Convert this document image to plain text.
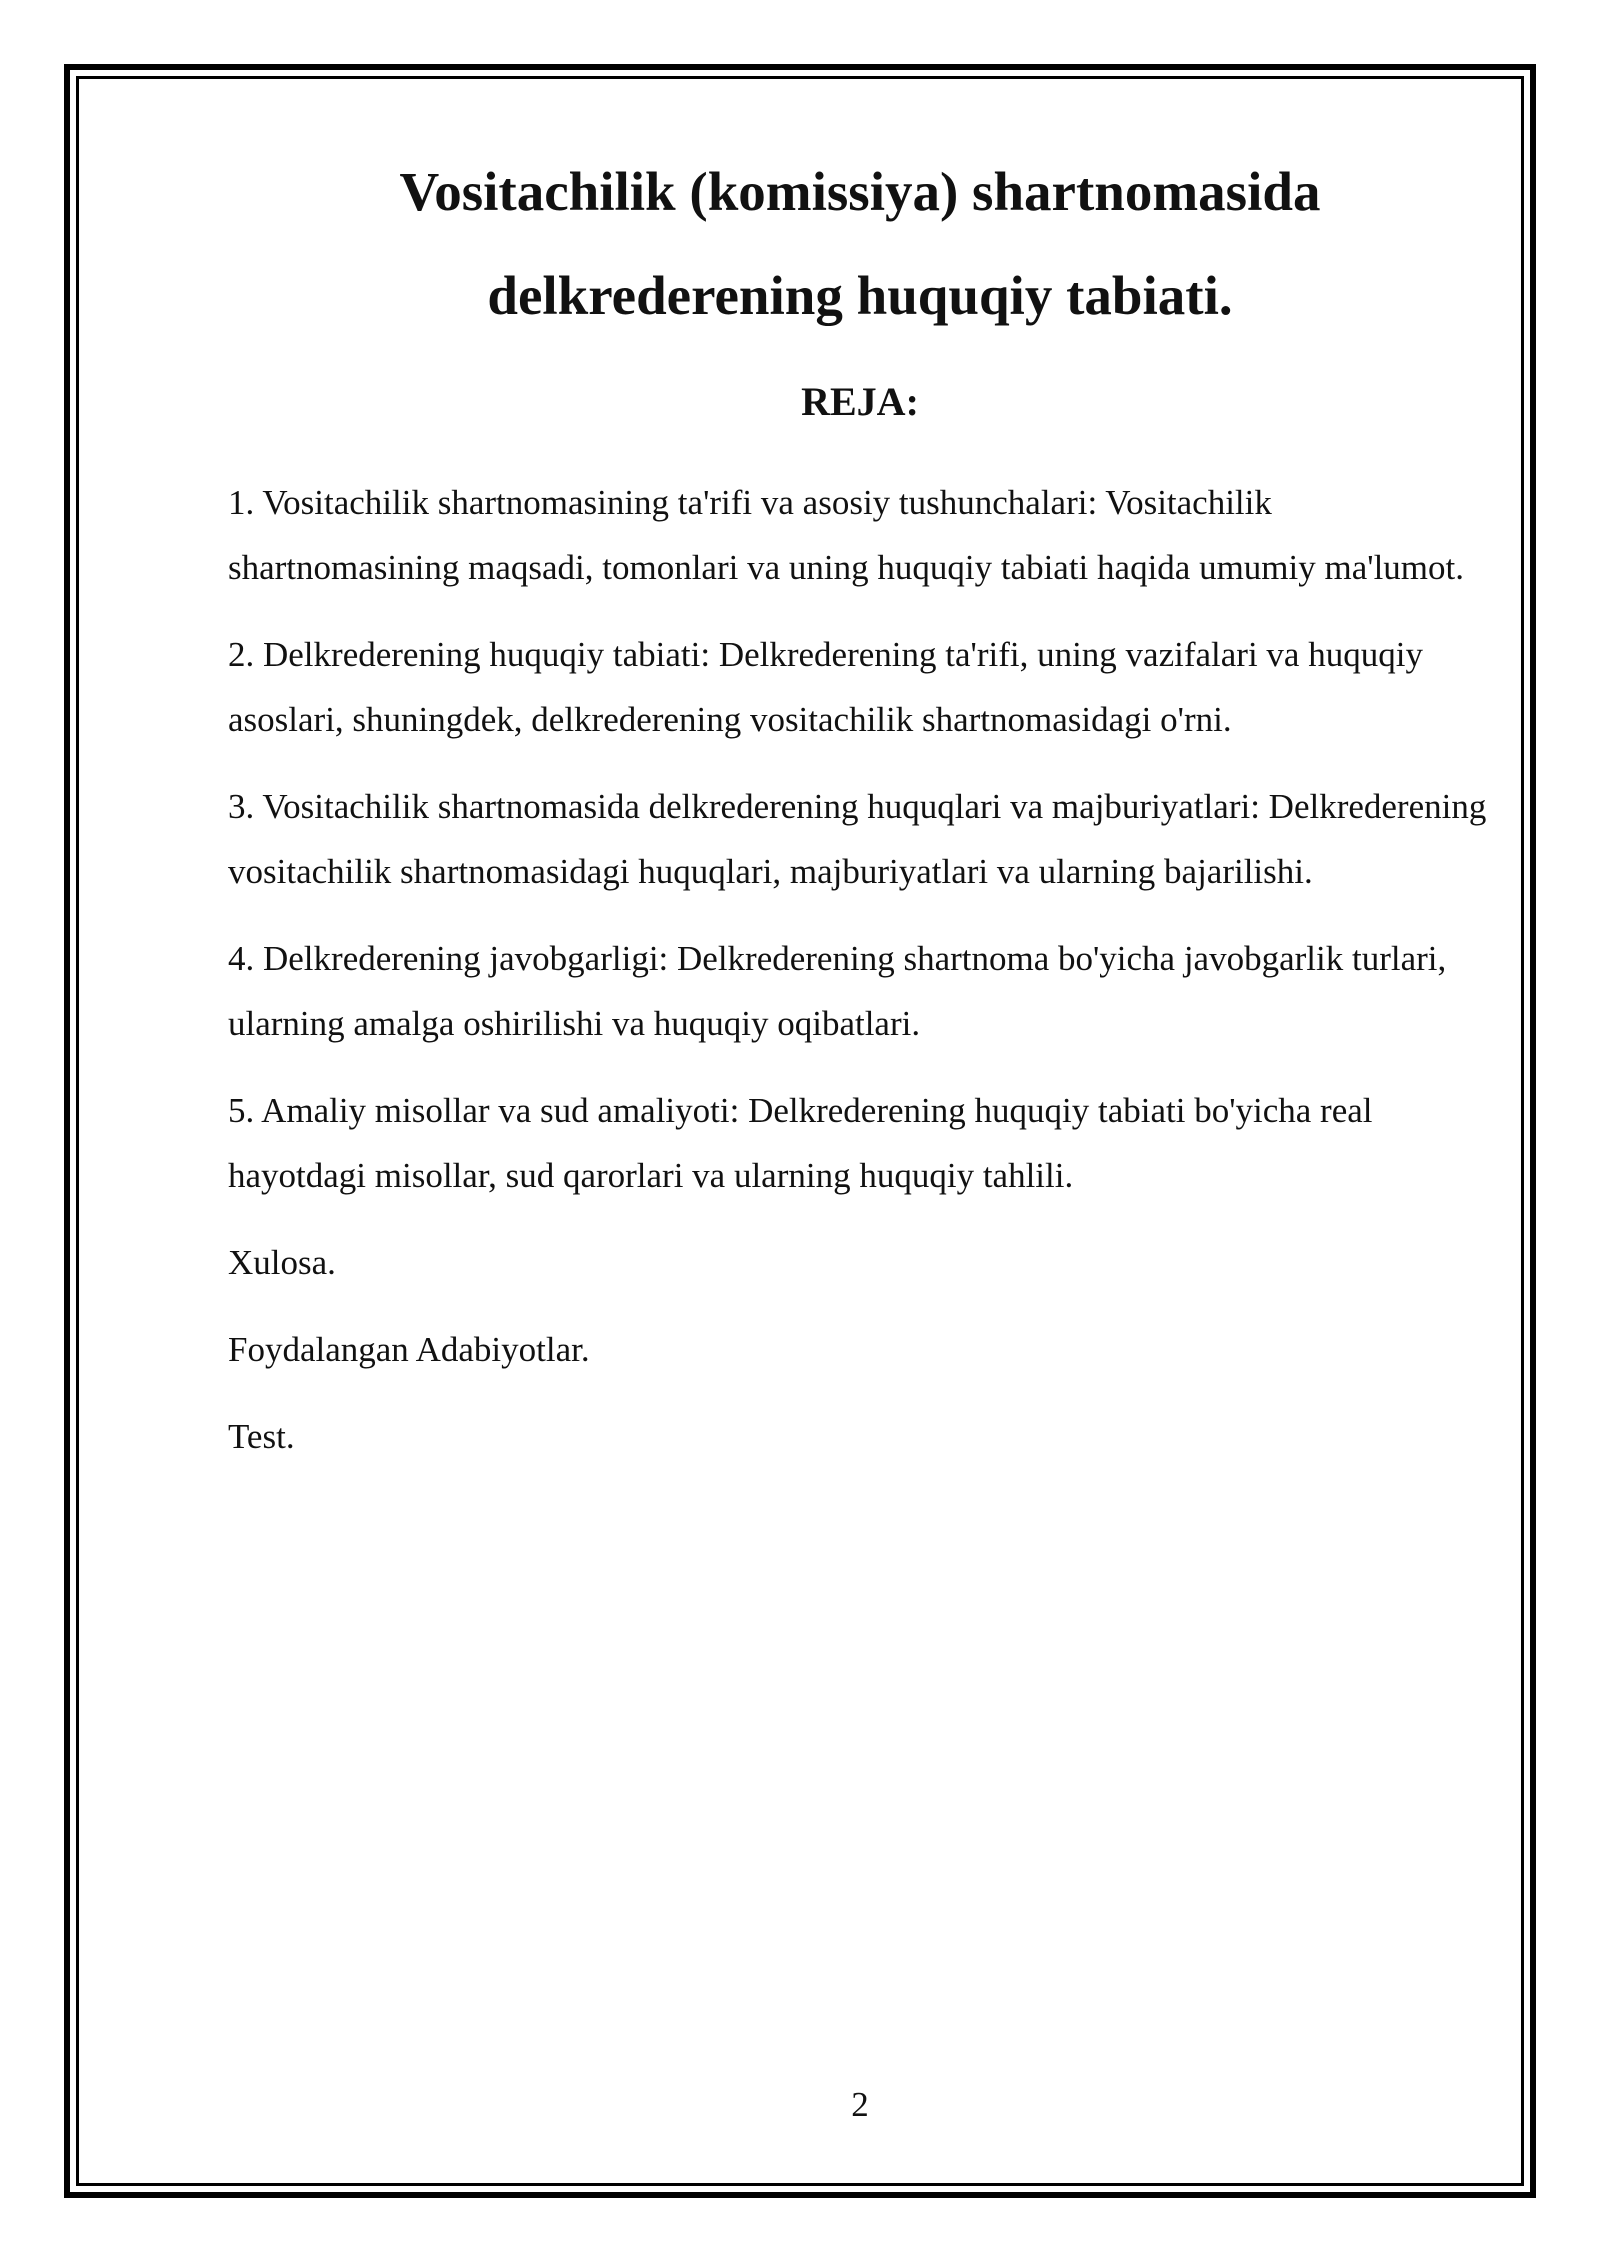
Vositachilik (komissiya) shartnomasida
delkrederening huquqiy tabiati.
REJA:

1. Vositachilik shartnomasining ta'rifi va asosiy tushunchalari: Vositachilik shartnomasining maqsadi, tomonlari va uning huquqiy tabiati haqida umumiy ma'lumot.

2. Delkrederening huquqiy tabiati: Delkrederening ta'rifi, uning vazifalari va huquqiy asoslari, shuningdek, delkrederening vositachilik shartnomasidagi o'rni.

3. Vositachilik shartnomasida delkrederening huquqlari va majburiyatlari: Delkrederening vositachilik shartnomasidagi huquqlari, majburiyatlari va ularning bajarilishi.

4. Delkrederening javobgarligi: Delkrederening shartnoma bo'yicha javobgarlik turlari, ularning amalga oshirilishi va huquqiy oqibatlari.

5. Amaliy misollar va sud amaliyoti: Delkrederening huquqiy tabiati bo'yicha real hayotdagi misollar, sud qarorlari va ularning huquqiy tahlili.

Xulosa.

Foydalangan Adabiyotlar.

Test.

2
